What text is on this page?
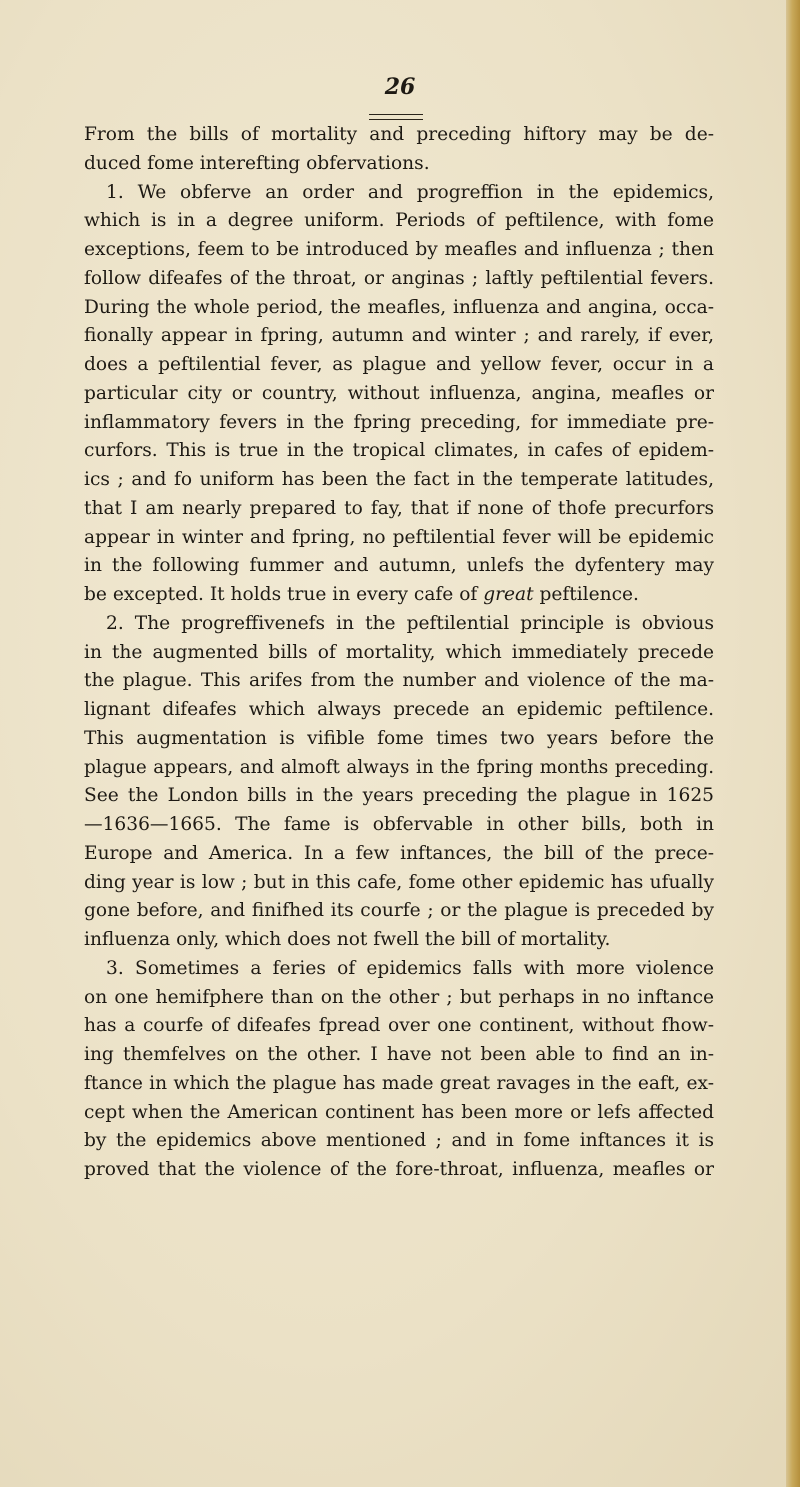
26
From the bills of mortality and preceding hiftory may be de-
duced fome interefting obfervations.
1. We obferve an order and progreffion in the epidemics,
which is in a degree uniform. Periods of peftilence, with fome
exceptions, feem to be introduced by meafles and influenza ; then
follow difeafes of the throat, or anginas ; laftly peftilential fevers.
During the whole period, the meafles, influenza and angina, occa-
fionally appear in fpring, autumn and winter ; and rarely, if ever,
does a peftilential fever, as plague and yellow fever, occur in a
particular city or country, without influenza, angina, meafles or
inflammatory fevers in the fpring preceding, for immediate pre-
curfors. This is true in the tropical climates, in cafes of epidem-
ics ; and fo uniform has been the fact in the temperate latitudes,
that I am nearly prepared to fay, that if none of thofe precurfors
appear in winter and fpring, no peftilential fever will be epidemic
in the following fummer and autumn, unlefs the dyfentery may
be excepted. It holds true in every cafe of great peftilence.
2. The progreffivenefs in the peftilential principle is obvious
in the augmented bills of mortality, which immediately precede
the plague. This arifes from the number and violence of the ma-
lignant difeafes which always precede an epidemic peftilence.
This augmentation is vifible fome times two years before the
plague appears, and almoft always in the fpring months preceding.
See the London bills in the years preceding the plague in 1625
—1636—1665. The fame is obfervable in other bills, both in
Europe and America. In a few inftances, the bill of the prece-
ding year is low ; but in this cafe, fome other epidemic has ufually
gone before, and finifhed its courfe ; or the plague is preceded by
influenza only, which does not fwell the bill of mortality.
3. Sometimes a feries of epidemics falls with more violence
on one hemifphere than on the other ; but perhaps in no inftance
has a courfe of difeafes fpread over one continent, without fhow-
ing themfelves on the other. I have not been able to find an in-
ftance in which the plague has made great ravages in the eaft, ex-
cept when the American continent has been more or lefs affected
by the epidemics above mentioned ; and in fome inftances it is
proved that the violence of the fore-throat, influenza, meafles or
